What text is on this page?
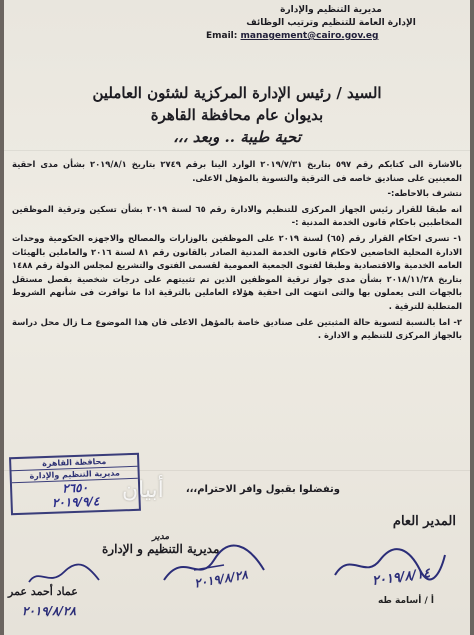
مديرية التنظيم والإدارة
الإدارة العامة للتنظيم وترتيب الوظائف
Email: management@cairo.gov.eg
السيد / رئيس الإدارة المركزية لشئون العاملين
بديوان عام محافظة القاهرة
تحية طيبة .. وبعد ،،،

بالاشارة الى كتابكم رقم ٥٩٧ بتاريخ ٢٠١٩/٧/٣١ الوارد الينا برقم ٢٧٤٩ بتاريخ ٢٠١٩/٨/١ بشأن مدى احقية المعينين على صناديق خاصه فى الترقية والتسوية بالمؤهل الاعلى.

نتشرف بالاحاطه:-

انه طبقا للقرار رئيس الجهاز المركزى للتنظيم والادارة رقم ٦٥ لسنة ٢٠١٩ بشأن تسكين وترقية الموظفين المخاطبين باحكام قانون الخدمة المدنية :-

١- تسرى احكام القرار رقم (٦٥) لسنة ٢٠١٩ على الموظفين بالوزارات والمصالح والاجهزه الحكومية ووحدات الادارة المحلية الخاضعين لاحكام قانون الخدمة المدنية الصادر بالقانون رقم ٨١ لسنة ٢٠١٦ والعاملين بالهيئات العامه الخدمية والاقتصادية وطبقا لفتوى الجمعية العمومية لقسمى الفتوى والتشريع لمجلس الدولة رقم ١٤٨٨ بتاريخ ٢٠١٨/١١/٢٨ بشأن مدى جواز ترقية الموظفين الذين تم تثبيتهم على درجات شخصية بفصل مستقل بالجهات التى يعملون بها والتى انتهت الى احقية هؤلاء العاملين بالترقية اذا ما توافرت فى شأنهم الشروط المتطلبة للترقية .

٢- اما بالنسبة لتسوية حالة المثبتين على صناديق خاصة بالمؤهل الاعلى فان هذا الموضوع مـا زال محل دراسة بالجهاز المركزى للتنظيم و الادارة .

وتفضلوا بقبول وافر الاحترام،،،
محافظة القاهرة
مديرية التنظيم والإدارة
٢٦٥٠
٢٠١٩/٩/٤	أبيان
المدير العام
٢٠١٩/٨/١٤
أ / أسامة طه
مدير
مديرية التنظيم و الإدارة
٢٠١٩/٨/٢٨
عماد أحمد عمر
٢٠١٩/٨/٢٨
